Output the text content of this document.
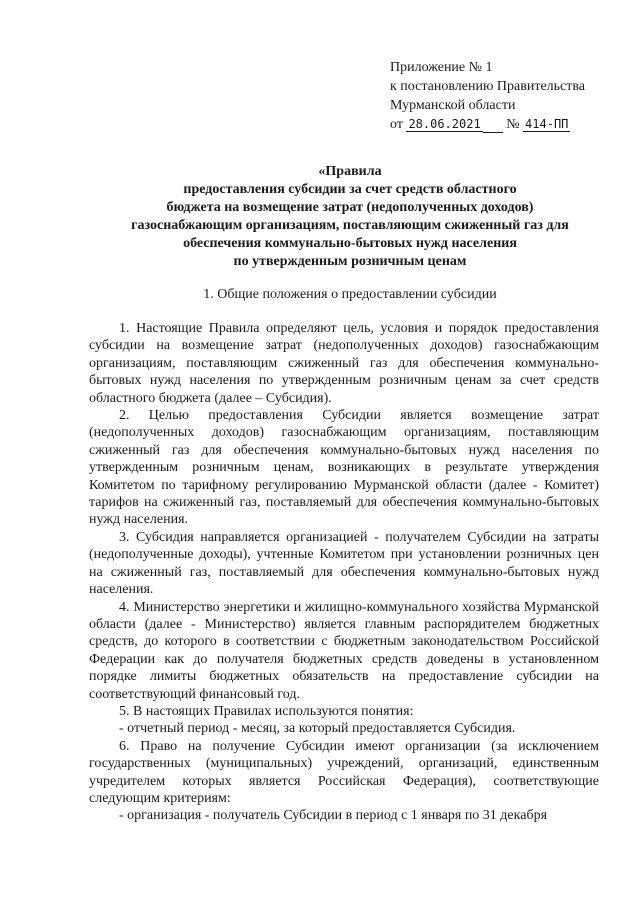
Приложение № 1
к постановлению Правительства
Мурманской области
от 28.06.2021 № 414-ПП
«Правила
предоставления субсидии за счет средств областного
бюджета на возмещение затрат (недополученных доходов)
газоснабжающим организациям, поставляющим сжиженный газ для
обеспечения коммунально-бытовых нужд населения
по утвержденным розничным ценам
1. Общие положения о предоставлении субсидии

1. Настоящие Правила определяют цель, условия и порядок предоставления субсидии на возмещение затрат (недополученных доходов) газоснабжающим организациям, поставляющим сжиженный газ для обеспечения коммунально-бытовых нужд населения по утвержденным розничным ценам за счет средств областного бюджета (далее – Субсидия).

2. Целью предоставления Субсидии является возмещение затрат (недополученных доходов) газоснабжающим организациям, поставляющим сжиженный газ для обеспечения коммунально-бытовых нужд населения по утвержденным розничным ценам, возникающих в результате утверждения Комитетом по тарифному регулированию Мурманской области (далее - Комитет) тарифов на сжиженный газ, поставляемый для обеспечения коммунально-бытовых нужд населения.

3. Субсидия направляется организацией - получателем Субсидии на затраты (недополученные доходы), учтенные Комитетом при установлении розничных цен на сжиженный газ, поставляемый для обеспечения коммунально-бытовых нужд населения.

4. Министерство энергетики и жилищно-коммунального хозяйства Мурманской области (далее - Министерство) является главным распорядителем бюджетных средств, до которого в соответствии с бюджетным законодательством Российской Федерации как до получателя бюджетных средств доведены в установленном порядке лимиты бюджетных обязательств на предоставление субсидии на соответствующий финансовый год.

5. В настоящих Правилах используются понятия:

- отчетный период - месяц, за который предоставляется Субсидия.

6. Право на получение Субсидии имеют организации (за исключением государственных (муниципальных) учреждений, организаций, единственным учредителем которых является Российская Федерация), соответствующие следующим критериям:

- организация - получатель Субсидии в период с 1 января по 31 декабря
